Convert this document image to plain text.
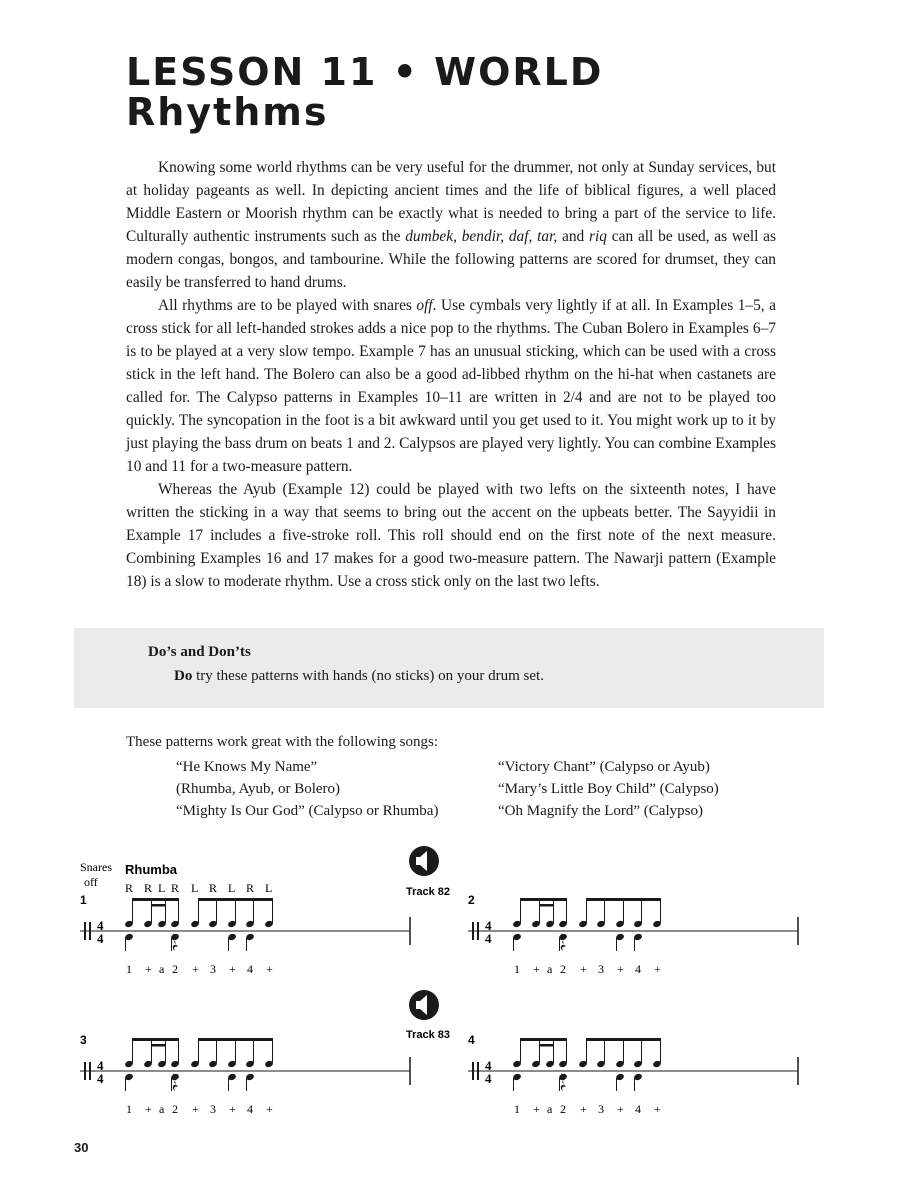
LESSON 11 • WORLD
Rhythms

Knowing some world rhythms can be very useful for the drummer, not only at Sunday services, but at holiday pageants as well. In depicting ancient times and the life of biblical figures, a well placed Middle Eastern or Moorish rhythm can be exactly what is needed to bring a part of the service to life. Culturally authentic instruments such as the dumbek, bendir, daf, tar, and riq can all be used, as well as modern congas, bongos, and tambourine. While the following patterns are scored for drumset, they can easily be transferred to hand drums.

All rhythms are to be played with snares off. Use cymbals very lightly if at all. In Examples 1–5, a cross stick for all left-handed strokes adds a nice pop to the rhythms. The Cuban Bolero in Examples 6–7 is to be played at a very slow tempo. Example 7 has an unusual sticking, which can be used with a cross stick in the left hand. The Bolero can also be a good ad-libbed rhythm on the hi-hat when castanets are called for. The Calypso patterns in Examples 10–11 are written in 2/4 and are not to be played too quickly. The syncopation in the foot is a bit awkward until you get used to it. You might work up to it by just playing the bass drum on beats 1 and 2. Calypsos are played very lightly. You can combine Examples 10 and 11 for a two-measure pattern.

Whereas the Ayub (Example 12) could be played with two lefts on the sixteenth notes, I have written the sticking in a way that seems to bring out the accent on the upbeats better. The Sayyidii in Example 17 includes a five-stroke roll. This roll should end on the first note of the next measure. Combining Examples 16 and 17 makes for a good two-measure pattern. The Nawarji pattern (Example 18) is a slow to moderate rhythm. Use a cross stick only on the last two lefts.

Do’s and Don’ts
Do try these patterns with hands (no sticks) on your drum set.
These patterns work great with the following songs:
“He Knows My Name”
(Rhumba, Ayub, or Bolero)
“Mighty Is Our God” (Calypso or Rhumba)
“Victory Chant” (Calypso or Ayub)
“Mary’s Little Boy Child” (Calypso)
“Oh Magnify the Lord” (Calypso)
Snares
off
Rhumba
Track 82
Track 83
R R L R L R L R L
1
4
4
1 + a 2 + 3 + 4 +
2
4
4
1 + a 2 + 3 + 4 +
3
4
4
1 + a 2 + 3 + 4 +
4
4
4
1 + a 2 + 3 + 4 +
30
